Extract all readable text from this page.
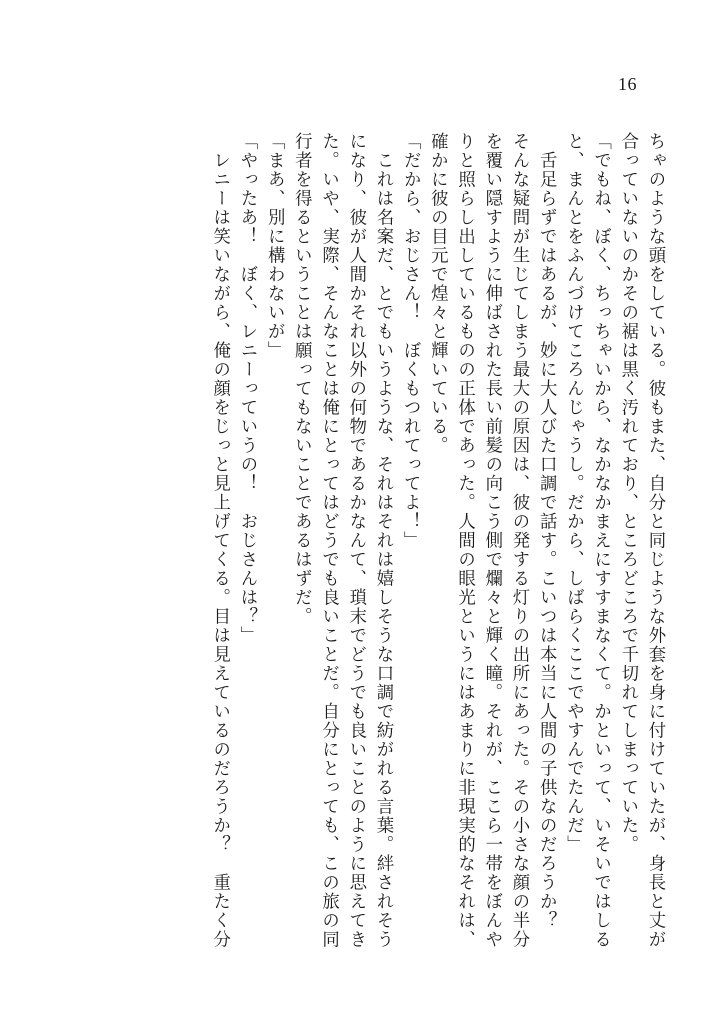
16
ちゃのような頭をしている。彼もまた、自分と同じような外套を身に付けていたが、身長と丈が
合っていないのかその裾は黒く汚れており、ところどころで千切れてしまっていた。
「でもね、ぼく、ちっちゃいから、なかなかまえにすすまなくて。かといって、いそいではしる
と、まんとをふんづけてころんじゃうし。だから、しばらくここでやすんでたんだ」
　舌足らずではあるが、妙に大人びた口調で話す。こいつは本当に人間の子供なのだろうか？
そんな疑問が生じてしまう最大の原因は、彼の発する灯りの出所にあった。その小さな顔の半分
を覆い隠すように伸ばされた長い前髪の向こう側で爛々と輝く瞳。それが、ここら一帯をぼんや
りと照らし出しているものの正体であった。人間の眼光というにはあまりに非現実的なそれは、
確かに彼の目元で煌々と輝いている。
「だから、おじさん！　ぼくもつれてってよ！」
　これは名案だ、とでもいうような、それはそれは嬉しそうな口調で紡がれる言葉。絆されそう
になり、彼が人間かそれ以外の何物であるかなんて、瑣末でどうでも良いことのように思えてき
た。いや、実際、そんなことは俺にとってはどうでも良いことだ。自分にとっても、この旅の同
行者を得るということは願ってもないことであるはずだ。
「まあ、別に構わないが」
「やったあ！　ぼく、レニーっていうの！　おじさんは？」
　レニーは笑いながら、俺の顔をじっと見上げてくる。目は見えているのだろうか？　重たく分
